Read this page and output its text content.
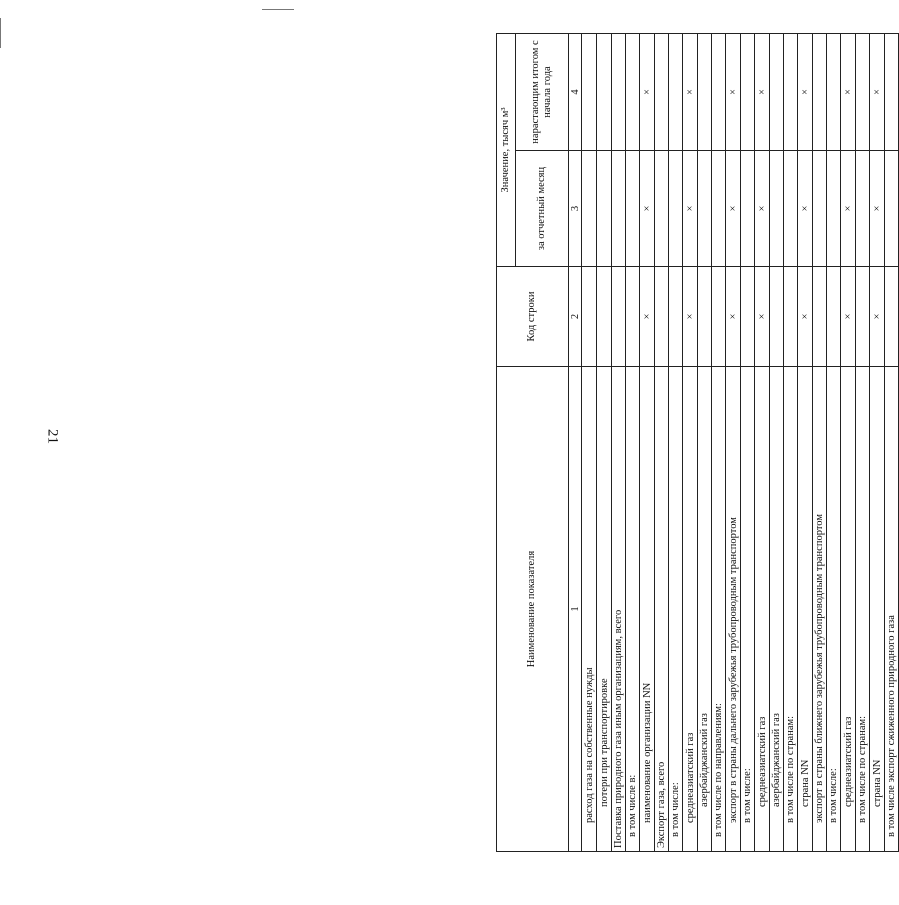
21
Наименование показателя	Код строки	Значение, тысяч м³	
		за отчетный месяц	нарастающим итогом с начала года
1	2	3	4
расход газа на собственные нужды			
потери при транспортировке			
Поставка природного газа иным организациям, всего			
в том числе в:			
наименование организации NN	×	×	×
Экспорт газа, всего			
в том числе:			
среднеазиатский газ	×	×	×
азербайджанский газ			
в том числе по направлениям:			
экспорт в страны дальнего зарубежья трубопроводным транспортом	×	×	×
в том числе:			
среднеазиатский газ	×	×	×
азербайджанский газ			
в том числе по странам:			
страна NN	×	×	×
экспорт в страны ближнего зарубежья трубопроводным транспортом			
в том числе:			
среднеазиатский газ	×	×	×
в том числе по странам:			
страна NN	×	×	×
в том числе экспорт сжиженного природного газа			
